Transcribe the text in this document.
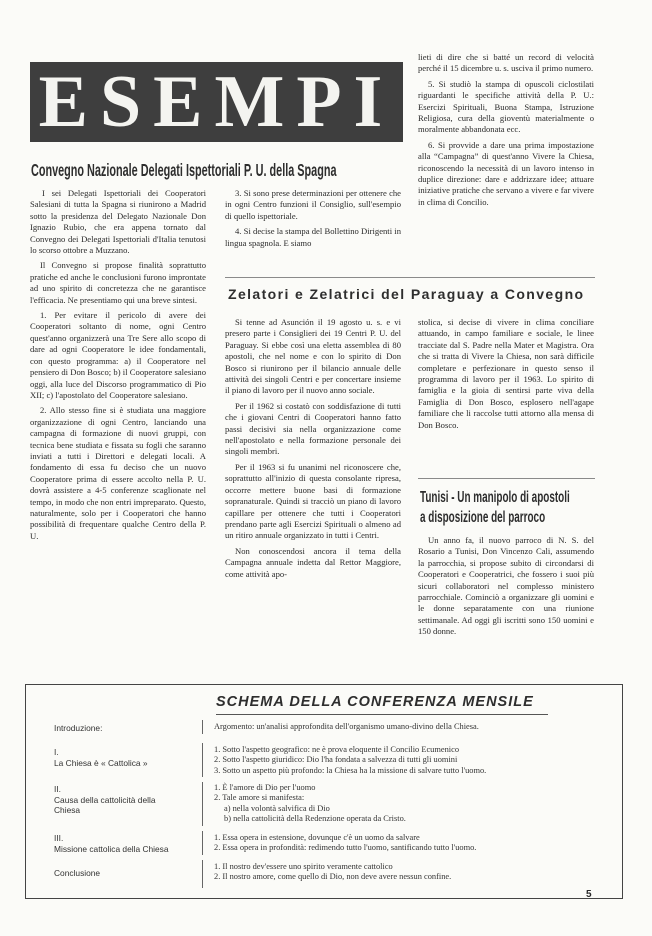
ESEMPI
Convegno Nazionale Delegati Ispettoriali P. U. della Spagna

I sei Delegati Ispettoriali dei Cooperatori Salesiani di tutta la Spagna si riunirono a Madrid sotto la presidenza del Delegato Nazionale Don Ignazio Rubio, che era appena tornato dal Convegno dei Delegati Ispettoriali d'Italia tenutosi lo scorso ottobre a Muzzano.

Il Convegno si propose finalità soprattutto pratiche ed anche le conclusioni furono improntate ad uno spirito di concretezza che ne garantisce l'efficacia. Ne presentiamo qui una breve sintesi.

1. Per evitare il pericolo di avere dei Cooperatori soltanto di nome, ogni Centro quest'anno organizzerà una Tre Sere allo scopo di dare ad ogni Cooperatore le idee fondamentali, con questo programma: a) il Cooperatore nel pensiero di Don Bosco; b) il Cooperatore salesiano oggi, alla luce del Discorso programmatico di Pio XII; c) l'apostolato del Cooperatore salesiano.

2. Allo stesso fine si è studiata una maggiore organizzazione di ogni Centro, lanciando una campagna di formazione di nuovi gruppi, con tecnica bene studiata e fissata su fogli che saranno inviati a tutti i Direttori e delegati locali. A fondamento di essa fu deciso che un nuovo Cooperatore prima di essere accolto nella P. U. dovrà assistere a 4-5 conferenze scaglionate nel tempo, in modo che non entri impreparato. Questo, naturalmente, solo per i Cooperatori che hanno possibilità di frequentare qualche Centro della P. U.

3. Si sono prese determinazioni per ottenere che in ogni Centro funzioni il Consiglio, sull'esempio di quello ispettoriale.

4. Si decise la stampa del Bollettino Dirigenti in lingua spagnola. E siamo

lieti di dire che si batté un record di velocità perché il 15 dicembre u. s. usciva il primo numero.

5. Si studiò la stampa di opuscoli ciclostilati riguardanti le specifiche attività della P. U.: Esercizi Spirituali, Buona Stampa, Istruzione Religiosa, cura della gioventù materialmente o moralmente abbandonata ecc.

6. Si provvide a dare una prima impostazione alla “Campagna” di quest'anno Vivere la Chiesa, riconoscendo la necessità di un lavoro intenso in duplice direzione: dare e addrizzare idee; attuare iniziative pratiche che servano a vivere e far vivere in clima di Concilio.

Zelatori e Zelatrici del Paraguay a Convegno

Si tenne ad Asunción il 19 agosto u. s. e vi presero parte i Consiglieri dei 19 Centri P. U. del Paraguay. Si ebbe così una eletta assemblea di 80 apostoli, che nel nome e con lo spirito di Don Bosco si riunirono per il bilancio annuale delle attività dei singoli Centri e per concertare insieme il piano di lavoro per il nuovo anno sociale.

Per il 1962 si costatò con soddisfazione di tutti che i giovani Centri di Cooperatori hanno fatto passi decisivi sia nella organizzazione come nell'apostolato e nella formazione personale dei singoli membri.

Per il 1963 si fu unanimi nel riconoscere che, soprattutto all'inizio di questa consolante ripresa, occorre mettere buone basi di formazione sopranaturale. Quindi si tracciò un piano di lavoro capillare per ottenere che tutti i Cooperatori prendano parte agli Esercizi Spirituali o almeno ad un ritiro annuale organizzato in tutti i Centri.

Non conoscendosi ancora il tema della Campagna annuale indetta dal Rettor Maggiore, come attività apo-

stolica, si decise di vivere in clima conciliare attuando, in campo familiare e sociale, le linee tracciate dal S. Padre nella Mater et Magistra. Ora che si tratta di Vivere la Chiesa, non sarà difficile completare e perfezionare in questo senso il programma di lavoro per il 1963. Lo spirito di famiglia e la gioia di sentirsi parte viva della Famiglia di Don Bosco, esplosero nell'agape familiare che li raccolse tutti attorno alla mensa di Don Bosco.

Tunisi - Un manipolo di apostoli
a disposizione del parroco

Un anno fa, il nuovo parroco di N. S. del Rosario a Tunisi, Don Vincenzo Cali, assumendo la parrocchia, si propose subito di circondarsi di Cooperatori e Cooperatrici, che fossero i suoi più sicuri collaboratori nel complesso ministero parrocchiale. Cominciò a organizzare gli uomini e le donne separatamente con una riunione settimanale. Ad oggi gli iscritti sono 150 uomini e 150 donne.

SCHEMA DELLA CONFERENZA MENSILE
Introduzione:	Argomento: un'analisi approfondita dell'organismo umano-divino della Chiesa.
I.
La Chiesa è « Cattolica »
1. Sotto l'aspetto geografico: ne è prova eloquente il Concilio Ecumenico
2. Sotto l'aspetto giuridico: Dio l'ha fondata a salvezza di tutti gli uomini
3. Sotto un aspetto più profondo: la Chiesa ha la missione di salvare tutto l'uomo.
II.
Causa della cattolicità della
Chiesa
1. È l'amore di Dio per l'uomo
2. Tale amore si manifesta:
a) nella volontà salvifica di Dio
b) nella cattolicità della Redenzione operata da Cristo.
III.
Missione cattolica della Chiesa
1. Essa opera in estensione, dovunque c'è un uomo da salvare
2. Essa opera in profondità: redimendo tutto l'uomo, santificando tutto l'uomo.
Conclusione
1. Il nostro dev'essere uno spirito veramente cattolico
2. Il nostro amore, come quello di Dio, non deve avere nessun confine.
5
